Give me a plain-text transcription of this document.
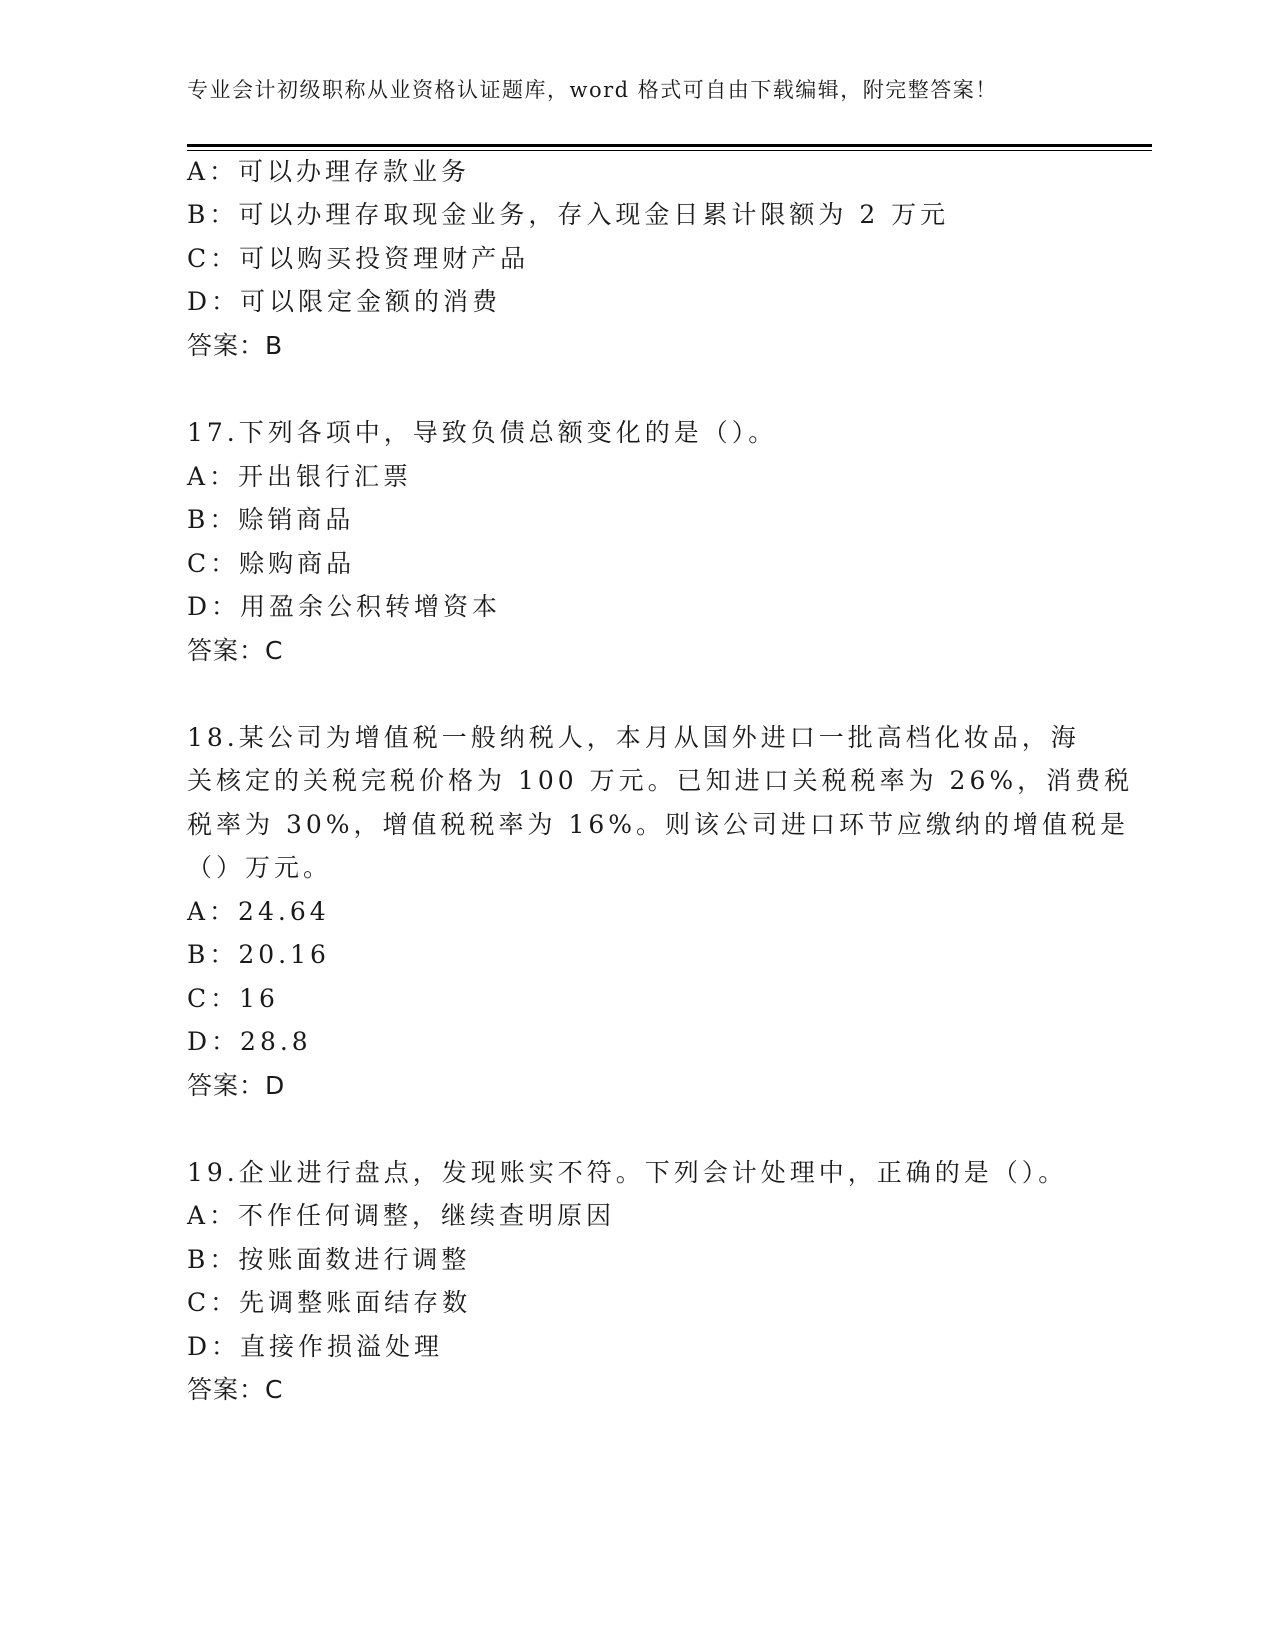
专业会计初级职称从业资格认证题库，word 格式可自由下载编辑，附完整答案！
A：可以办理存款业务
B：可以办理存取现金业务，存入现金日累计限额为 2 万元
C：可以购买投资理财产品
D：可以限定金额的消费
答案：B
17.下列各项中，导致负债总额变化的是（）。
A：开出银行汇票
B：赊销商品
C：赊购商品
D：用盈余公积转增资本
答案：C
18.某公司为增值税一般纳税人，本月从国外进口一批高档化妆品，海
关核定的关税完税价格为 100 万元。已知进口关税税率为 26%，消费税
税率为 30%，增值税税率为 16%。则该公司进口环节应缴纳的增值税是
（）万元。
A：24.64
B：20.16
C：16
D：28.8
答案：D
19.企业进行盘点，发现账实不符。下列会计处理中，正确的是（）。
A：不作任何调整，继续查明原因
B：按账面数进行调整
C：先调整账面结存数
D：直接作损溢处理
答案：C
